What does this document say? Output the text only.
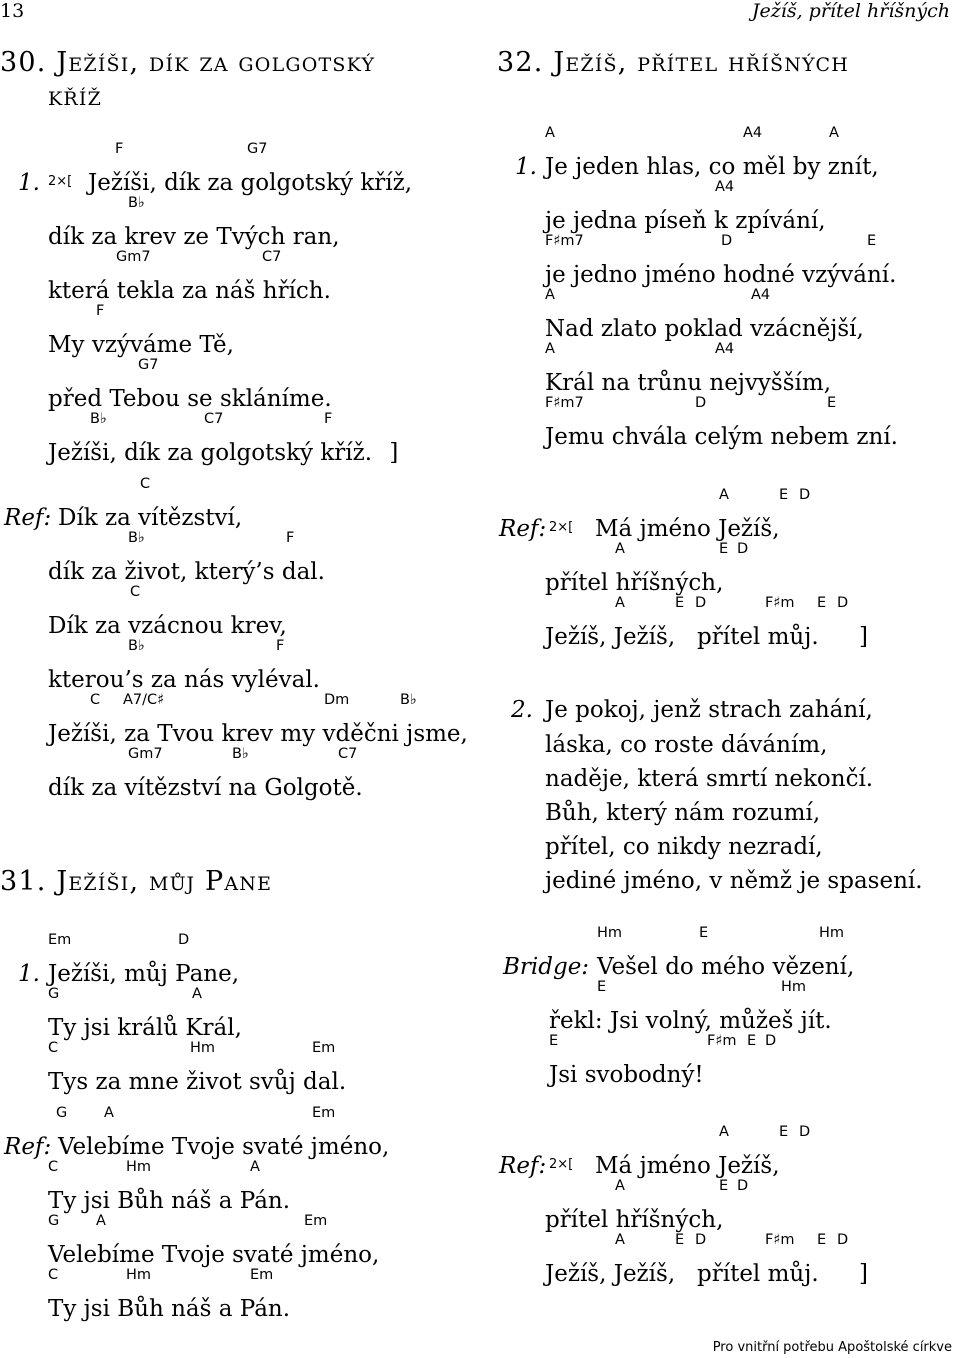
13	Ježíš, přítel hříšných
Pro vnitřní potřebu Apoštolské církve
30. Ježíši, dík za golgotský
kříž
F	G7
1. 2×[ Ježíši, dík za golgotský kříž,
B♭
dík za krev ze Tvých ran,
Gm7	C7
která tekla za náš hřích.
F
My vzýváme Tě,
G7
před Tebou se skláníme.
B♭	C7	F
Ježíši, dík za golgotský kříž. ]
C
Ref: Dík za vítězství,
B♭	F
dík za život, který’s dal.
C
Dík za vzácnou krev,
B♭	F
kterou’s za nás vyléval.
C A7/C♯	Dm	B♭
Ježíši, za Tvou krev my vděčni jsme,
Gm7	B♭	C7
dík za vítězství na Golgotě.
31. Ježíši, můj Pane
Em	D
1. Ježíši, můj Pane,
G	A
Ty jsi králů Král,
C	Hm	Em
Tys za mne život svůj dal.
G	A	Em
Ref: Velebíme Tvoje svaté jméno,
C	Hm	A
Ty jsi Bůh náš a Pán.
G	A	Em
Velebíme Tvoje svaté jméno,
C	Hm	Em
Ty jsi Bůh náš a Pán.
32. Ježíš, přítel hříšných
A	A4	A
1. Je jeden hlas, co měl by znít,
A4
je jedna píseň k zpívání,
F♯m7	D	E
je jedno jméno hodné vzývání.
A	A4
Nad zlato poklad vzácnější,
A	A4
Král na trůnu nejvyšším,
F♯m7	D	E
Jemu chvála celým nebem zní.
A	E D
Ref: 2×[ Má jméno Ježíš,
A	E D
přítel hříšných,
A	E D	F♯m E D
Ježíš, Ježíš, přítel můj. ]
2. Je pokoj, jenž strach zahání,
láska, co roste dáváním,
naděje, která smrtí nekončí.
Bůh, který nám rozumí,
přítel, co nikdy nezradí,
jediné jméno, v němž je spasení.
Hm	E	Hm
Bridge: Vešel do mého vězení,
E	Hm
řekl: Jsi volný, můžeš jít.
E	F♯m E D
Jsi svobodný!
A	E D
Ref: 2×[ Má jméno Ježíš,
A	E D
přítel hříšných,
A	E D	F♯m E D
Ježíš, Ježíš, přítel můj. ]
